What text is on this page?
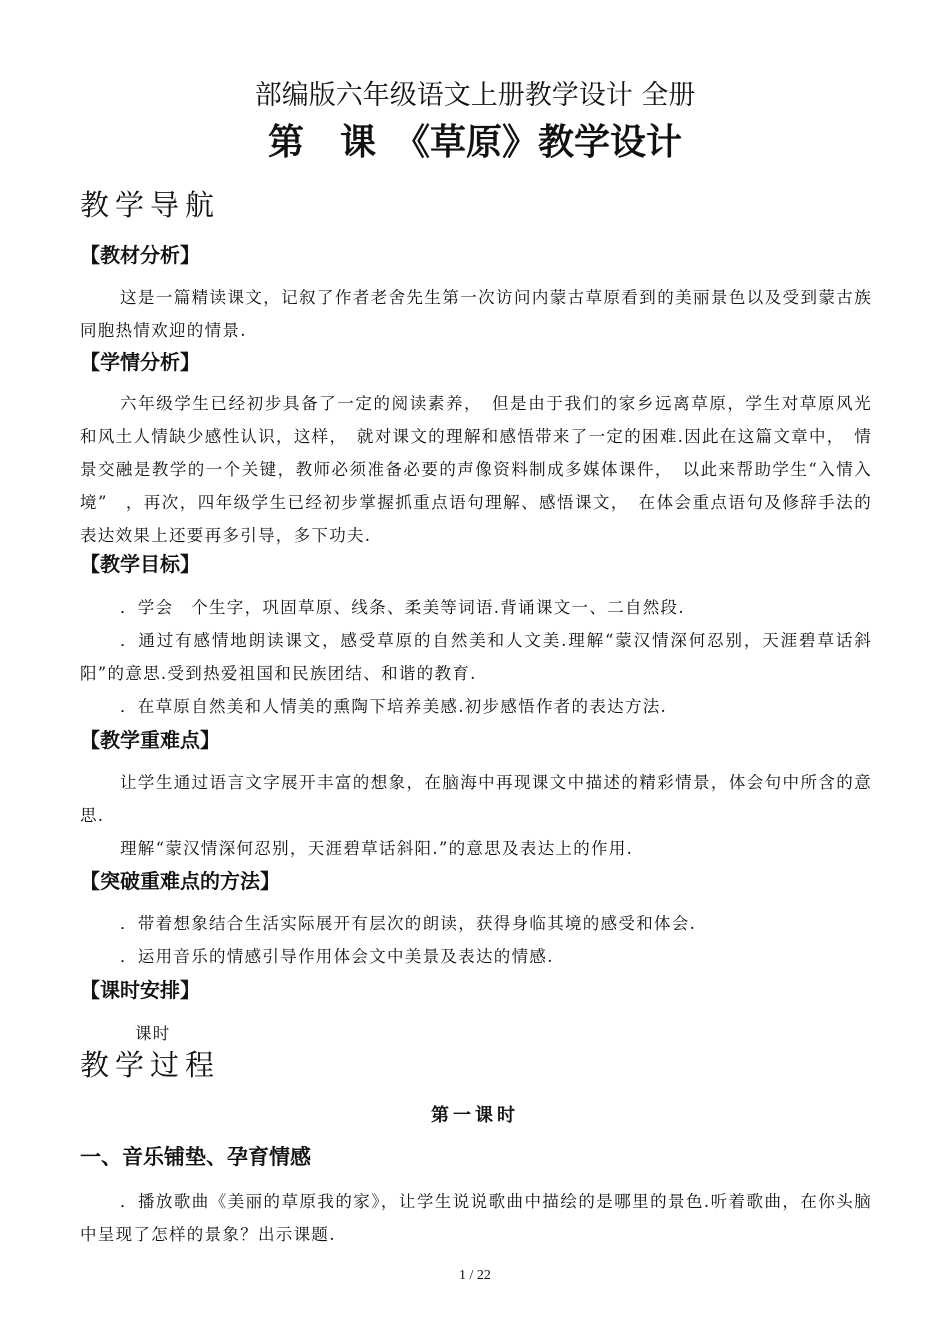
部编版六年级语文上册教学设计 全册
第　课　《草原》教学设计
教学导航
【教材分析】
这是一篇精读课文，记叙了作者老舍先生第一次访问内蒙古草原看到的美丽景色以及受到蒙古族同胞热情欢迎的情景.
【学情分析】
六年级学生已经初步具备了一定的阅读素养，　但是由于我们的家乡远离草原，学生对草原风光和风土人情缺少感性认识，这样，　就对课文的理解和感悟带来了一定的困难.因此在这篇文章中，　情景交融是教学的一个关键，教师必须准备必要的声像资料制成多媒体课件，　以此来帮助学生“入情入境”　，再次，四年级学生已经初步掌握抓重点语句理解、感悟课文，　在体会重点语句及修辞手法的表达效果上还要再多引导，多下功夫.
【教学目标】
．学会　个生字，巩固草原、线条、柔美等词语.背诵课文一、二自然段.
．通过有感情地朗读课文，感受草原的自然美和人文美.理解“蒙汉情深何忍别，天涯碧草话斜阳”的意思.受到热爱祖国和民族团结、和谐的教育.
．在草原自然美和人情美的熏陶下培养美感.初步感悟作者的表达方法.
【教学重难点】
让学生通过语言文字展开丰富的想象，在脑海中再现课文中描述的精彩情景，体会句中所含的意思.
理解“蒙汉情深何忍别，天涯碧草话斜阳.”的意思及表达上的作用.
【突破重难点的方法】
．带着想象结合生活实际展开有层次的朗读，获得身临其境的感受和体会.
．运用音乐的情感引导作用体会文中美景及表达的情感.
【课时安排】
课时
教学过程
第一课时
一、音乐铺垫、孕育情感
．播放歌曲《美丽的草原我的家》，让学生说说歌曲中描绘的是哪里的景色.听着歌曲，在你头脑中呈现了怎样的景象？出示课题.
1 / 22
